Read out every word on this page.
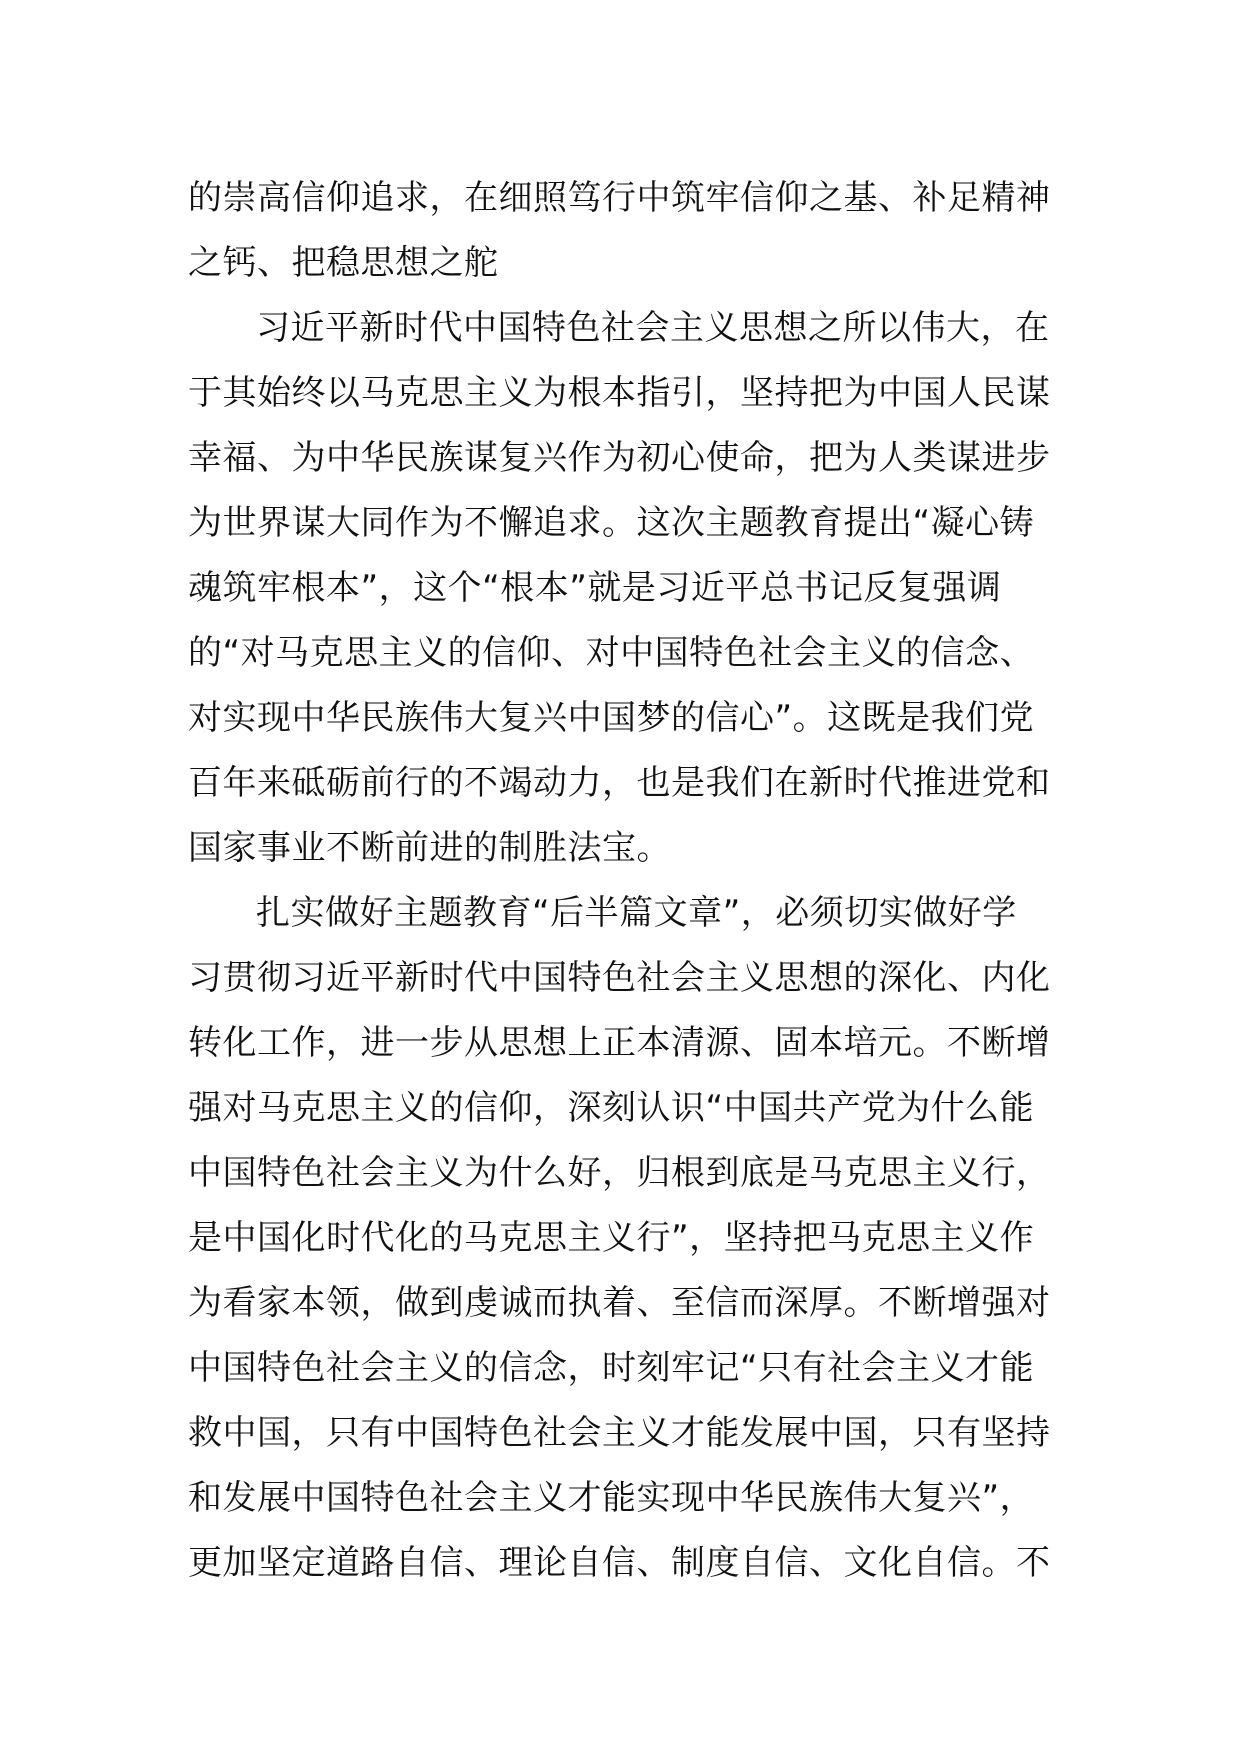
的崇高信仰追求，在细照笃行中筑牢信仰之基、补足精神
之钙、把稳思想之舵
习近平新时代中国特色社会主义思想之所以伟大，在
于其始终以马克思主义为根本指引，坚持把为中国人民谋
幸福、为中华民族谋复兴作为初心使命，把为人类谋进步
为世界谋大同作为不懈追求。这次主题教育提出“凝心铸
魂筑牢根本”，这个“根本”就是习近平总书记反复强调
的“对马克思主义的信仰、对中国特色社会主义的信念、
对实现中华民族伟大复兴中国梦的信心”。这既是我们党
百年来砥砺前行的不竭动力，也是我们在新时代推进党和
国家事业不断前进的制胜法宝。
扎实做好主题教育“后半篇文章”，必须切实做好学
习贯彻习近平新时代中国特色社会主义思想的深化、内化
转化工作，进一步从思想上正本清源、固本培元。不断增
强对马克思主义的信仰，深刻认识“中国共产党为什么能
中国特色社会主义为什么好，归根到底是马克思主义行，
是中国化时代化的马克思主义行”，坚持把马克思主义作
为看家本领，做到虔诚而执着、至信而深厚。不断增强对
中国特色社会主义的信念，时刻牢记“只有社会主义才能
救中国，只有中国特色社会主义才能发展中国，只有坚持
和发展中国特色社会主义才能实现中华民族伟大复兴”，
更加坚定道路自信、理论自信、制度自信、文化自信。不
